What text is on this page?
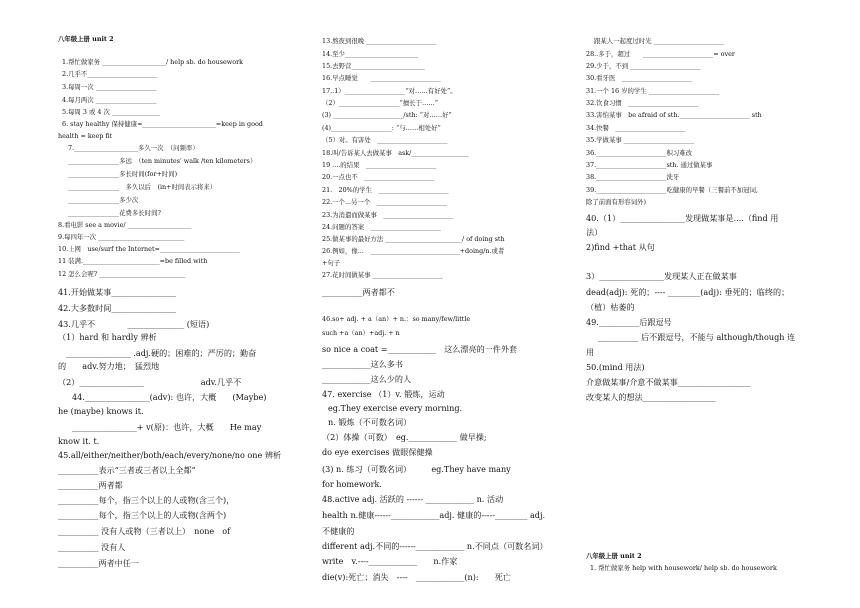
八年级上册 unit 2
1.帮忙做家务 ____________________/ help sb. do housework
2.几乎不______________________
3.每周一次 ___________________
4.每月两次 ___________________
5.每周 3 或 4 次 _______________
6. stay healthy 保持健康=_______________________=keep in good
health = keep fit
7.____________________多久一次　（问频率）
________________多远　（ten minutes' walk /ten kilometers）
________________多长时间(for+时间)
________________　多久以后　(in+时间表示将来）
________________多少次
________________花费多长时间?
8.看电影 see a movie/ ____________________
9.每四年一次 ___________________________
10.上网　use/surf the Internet=_________________________
11 装满.________________________=be filled with
12 怎么会呢? ___________________________
41.开始做某事________________
42.大多数时间________________
43.几乎不　　　　______________ (短语)
（1）hard 和 hardly 辨析
________________ .adj.硬的；困难的；严厉的；勤奋
的　　adv.努力地；　猛烈地
（2）________________　　　　　　　adv.几乎不
44.________________(adv): 也许，大概　　(Maybe)
he (maybe) knows it.
________________+ v(原)：也许，大概　　He may
know it. t.
45.all/either/neither/both/each/every/none/no one 辨析
__________表示“三者或三者以上全都”
__________两者都
__________每个，指三个以上的人或物(含三个)，
__________每个，指三个以上的人或物(含两个)
__________ 没有人或物（三者以上）　none　of
__________ 没有人
__________两者中任一
13.熬夜到很晚 ______________________
14.至少_______________________
15.去野营_______________________
16.早点睡觉　　______________________
17..1）___________________“对……有好处”。
（2）___________________“擅长于……”
(3) ______________________/sth: “对……好”
(4)___________________: “与……相处好”
（5）对。有害处　______________________
18.叫/告诉某人去做某事　ask/__________________
19 ....的结果　______________________
20.一点也不　______________________
21.　20%的学生　______________________
22.一个...另一个　______________________
23.为消遣而做某事　______________________
24.问题的答案　______________________
25.做某事的最好方法 ________________________/ of doing sth
26.例如，像...　____________________________+doing/n.或者
+句子
27.花时间做某事 ______________________
__________两者都不
46.so+ adj. + a（an）+ n.：so many/few/little
such +a（an）+adj. + n
so nice a coat =____________　这么漂亮的一件外套
____________这么多书
____________这么少的人
47. exercise （1）v. 锻炼，运动
eg.They exercise every morning.
n. 锻炼（不可数名词）
（2）体操（可数）　eg.____________ 做早操;
do eye exercises 做眼保健操
(3) n. 练习（可数名词）　　　eg.They have many
for homework.
48.active adj. 活跃的 ------ ____________ n. 活动
health n.健康------____________adj. 健康的-----________ adj.
不健康的
different adj.不同的------____________ n.不同点（可数名词）
write　v.----____________　　n.作家
die(v):死亡；消失　----　____________(n):　　死亡
跟某人一起度过时光 ______________________
28..多于，超过　　______________________= over
29.少于，不到 ______________________
30.看牙医　______________________
31.一个 16 岁的学生 ______________________
32.饮食习惯　______________________
33.害怕某事　be afraid of sth.______________________ sth
34.快餐　______________________
35.学做某事 ______________________
36.______________________积习难改
37.______________________sth. 通过做某事
38.______________________洗牙
39.______________________吃健康的早餐（三餐前不加冠词,
除了前面有形容词外)
40.（1）________________发现做某事是....（find 用
法）
2)find +that 从句
3）________________发现某人正在做某事
dead(adj): 死的；---- ________(adj): 垂死的；临终的；
（植）枯萎的
49.__________后跟逗号
__________ 后不跟逗号，不能与 although/though 连
用
50.(mind 用法)
介意做某事/介意不做某事__________________
改变某人的想法__________________
八年级上册 unit 2
1. 帮忙做家务 help with housework/ help sb. do housework
